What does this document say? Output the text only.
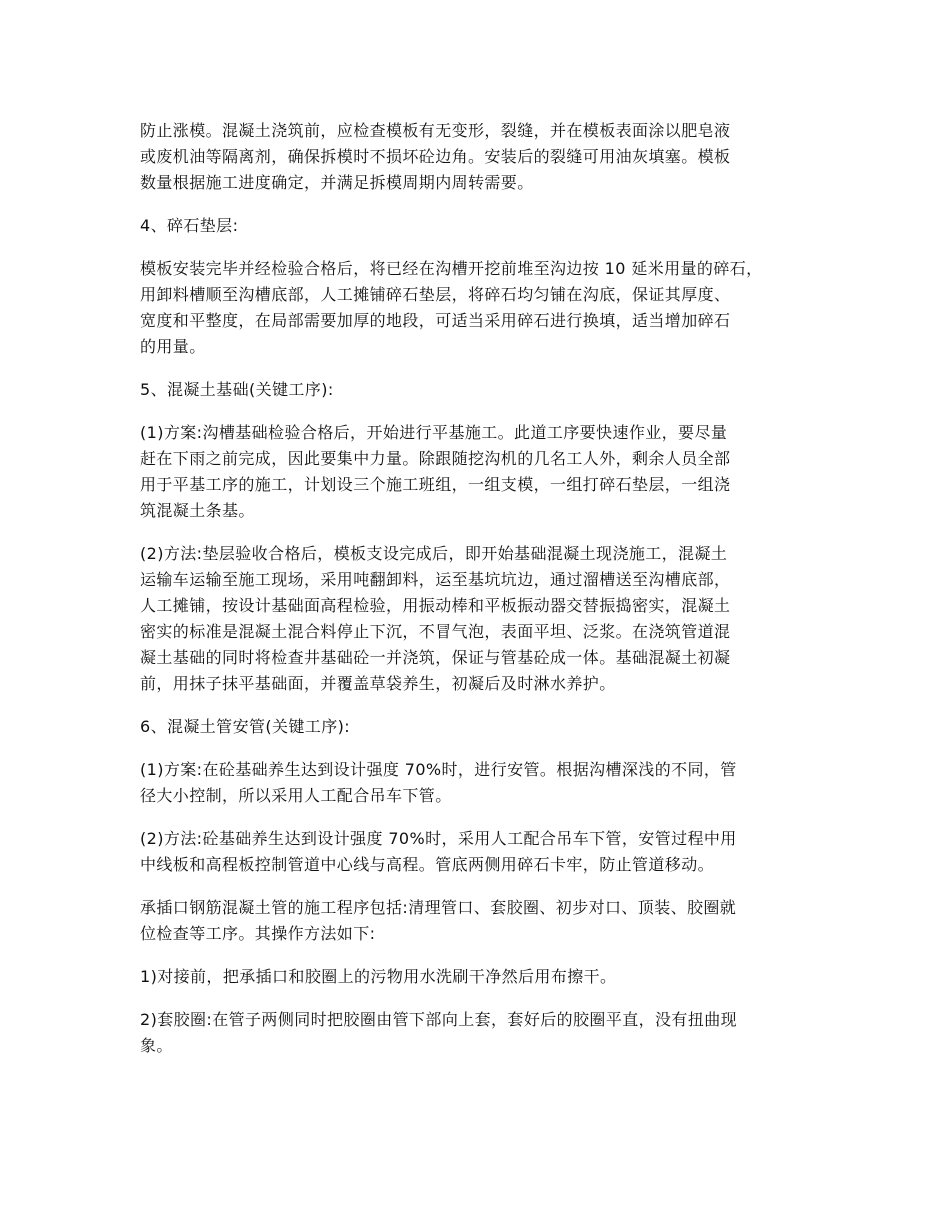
防止涨模。混凝土浇筑前，应检查模板有无变形，裂缝，并在模板表面涂以肥皂液
或废机油等隔离剂，确保拆模时不损坏砼边角。安装后的裂缝可用油灰填塞。模板
数量根据施工进度确定，并满足拆模周期内周转需要。

4、碎石垫层:

模板安装完毕并经检验合格后，将已经在沟槽开挖前堆至沟边按 10 延米用量的碎石，
用卸料槽顺至沟槽底部，人工摊铺碎石垫层，将碎石均匀铺在沟底，保证其厚度、
宽度和平整度，在局部需要加厚的地段，可适当采用碎石进行换填，适当增加碎石
的用量。

5、混凝土基础(关键工序):

(1)方案:沟槽基础检验合格后，开始进行平基施工。此道工序要快速作业，要尽量
赶在下雨之前完成，因此要集中力量。除跟随挖沟机的几名工人外，剩余人员全部
用于平基工序的施工，计划设三个施工班组，一组支模，一组打碎石垫层，一组浇
筑混凝土条基。

(2)方法:垫层验收合格后，模板支设完成后，即开始基础混凝土现浇施工，混凝土
运输车运输至施工现场，采用吨翻卸料，运至基坑坑边，通过溜槽送至沟槽底部，
人工摊铺，按设计基础面高程检验，用振动棒和平板振动器交替振捣密实，混凝土
密实的标准是混凝土混合料停止下沉，不冒气泡，表面平坦、泛浆。在浇筑管道混
凝土基础的同时将检查井基础砼一并浇筑，保证与管基砼成一体。基础混凝土初凝
前，用抹子抹平基础面，并覆盖草袋养生，初凝后及时淋水养护。

6、混凝土管安管(关键工序):

(1)方案:在砼基础养生达到设计强度 70%时，进行安管。根据沟槽深浅的不同，管
径大小控制，所以采用人工配合吊车下管。

(2)方法:砼基础养生达到设计强度 70%时，采用人工配合吊车下管，安管过程中用
中线板和高程板控制管道中心线与高程。管底两侧用碎石卡牢，防止管道移动。

承插口钢筋混凝土管的施工程序包括:清理管口、套胶圈、初步对口、顶装、胶圈就
位检查等工序。其操作方法如下:

1)对接前，把承插口和胶圈上的污物用水洗刷干净然后用布擦干。

2)套胶圈:在管子两侧同时把胶圈由管下部向上套，套好后的胶圈平直，没有扭曲现
象。
